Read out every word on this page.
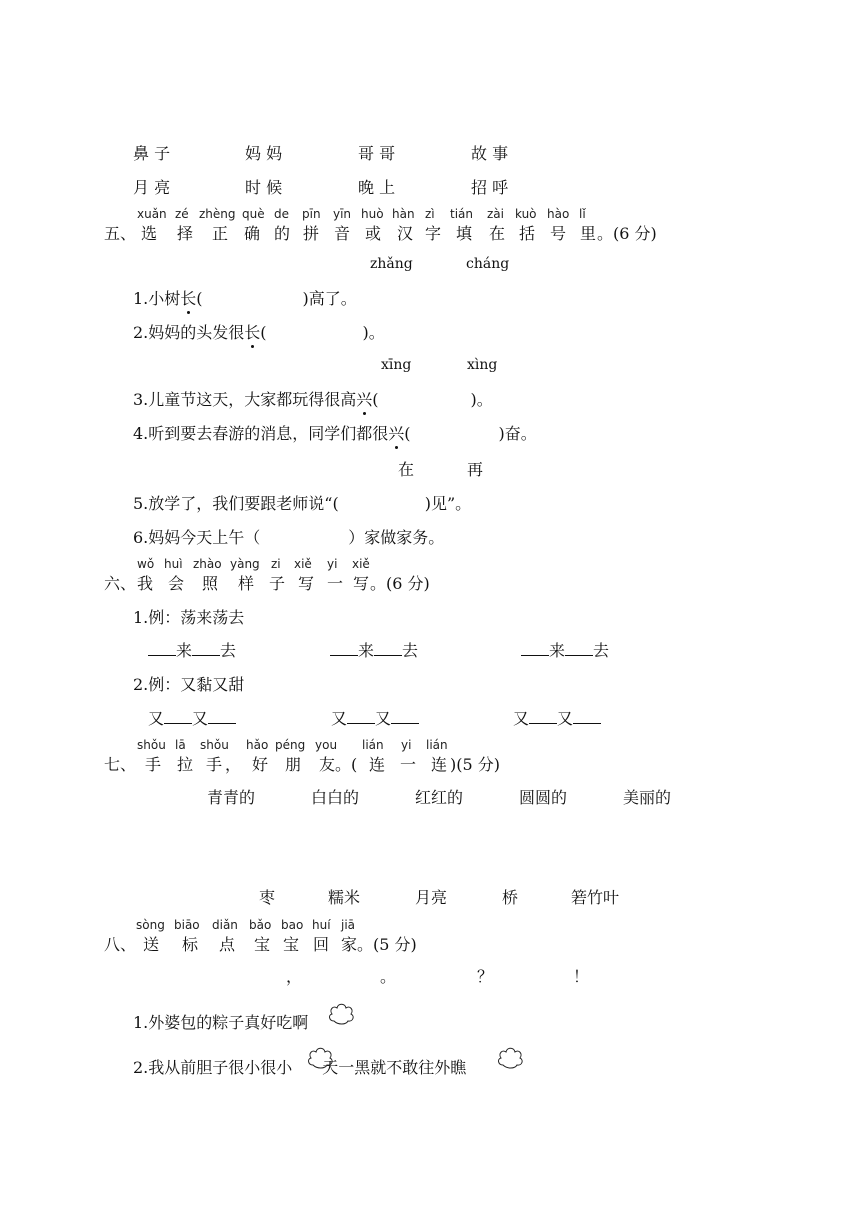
鼻 子	妈 妈	哥 哥	故 事
月 亮	时 候	晚 上	招 呼
xuǎn zé zhèng què de pīn yīn huò hàn zì tián zài kuò hào lǐ
五、 选 择 正 确 的 拼 音 或 汉 字 填 在 括 号 里 。(6 分)
zhǎng	cháng
1.小树长(	)高了。
2.妈妈的头发很长(	)。
xīng	xìng
3.儿童节这天，大家都玩得很高兴(	)。
4.听到要去春游的消息，同学们都很兴(	)奋。
在	再
5.放学了，我们要跟老师说“(	)见”。
6.妈妈今天上午（	）家做家务。
wǒ huì zhào yàng zi xiě yi xiě
六、 我 会 照 样 子 写 一 写 。(6 分)
1.例：荡来荡去
来 去	来 去	来 去
2.例：又黏又甜
又 又	又 又	又 又
shǒu lā shǒu hǎo péng you lián yi lián
七、 手 拉 手 ， 好 朋 友 。( 连 一 连 )(5 分)
青青的	白白的	红红的	圆圆的	美丽的
枣	糯米	月亮	桥	箬竹叶
sòng biāo diǎn bǎo bao huí jiā
八、 送 标 点 宝 宝 回 家 。(5 分)
，	。	？	！
1.外婆包的粽子真好吃啊
2.我从前胆子很小很小 天一黑就不敢往外瞧
